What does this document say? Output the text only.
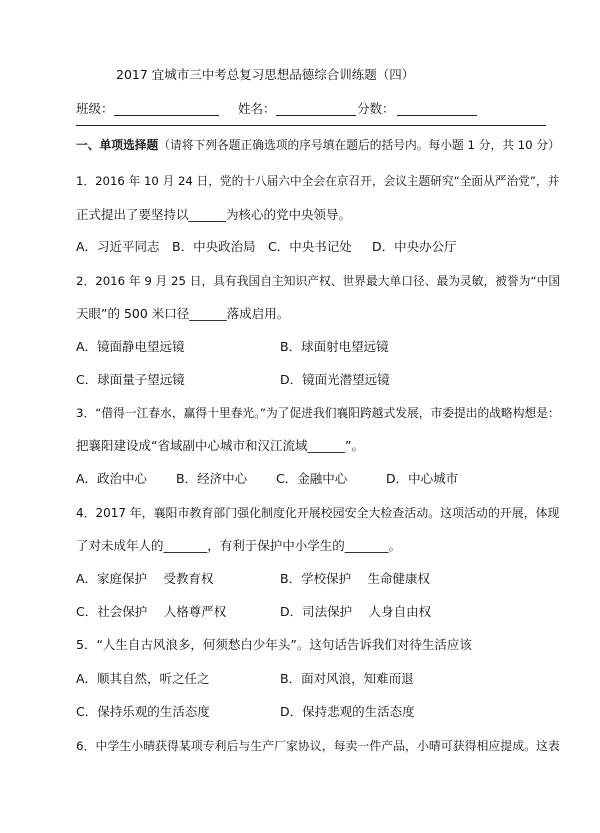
2017 宜城市三中考总复习思想品德综合训练题（四）
班级：	姓名：	分数：
一、单项选择题（请将下列各题正确选项的序号填在题后的括号内。每小题 1 分，共 10 分）
1．2016 年 10 月 24 日，党的十八届六中全会在京召开，会议主题研究“全面从严治党”，并
正式提出了要坚持以______为核心的党中央领导。
A．习近平同志 B．中央政治局 C．中央书记处 D．中央办公厅
2．2016 年 9 月 25 日，具有我国自主知识产权、世界最大单口径、最为灵敏，被誉为“中国
天眼”的 500 米口径______落成启用。
A．镜面静电望远镜	B．球面射电望远镜
C．球面量子望远镜	D．镜面光潜望远镜
3．“借得一江春水，赢得十里春光。”为了促进我们襄阳跨越式发展，市委提出的战略构想是：
把襄阳建设成“省域副中心城市和汉江流域______”。
A．政治中心 B．经济中心 C．金融中心	D．中心城市
4．2017 年，襄阳市教育部门强化制度化开展校园安全大检查活动。这项活动的开展，体现
了对未成年人的_______，有利于保护中小学生的_______。
A．家庭保护　 受教育权	B．学校保护　 生命健康权
C．社会保护　 人格尊严权	D．司法保护　 人身自由权
5．“人生自古风浪多，何须愁白少年头”。这句话告诉我们对待生活应该
A．顺其自然，听之任之	B．面对风浪，知难而退
C．保持乐观的生活态度	D．保持悲观的生活态度
6．中学生小晴获得某项专利后与生产厂家协议，每卖一件产品，小晴可获得相应提成。这表
